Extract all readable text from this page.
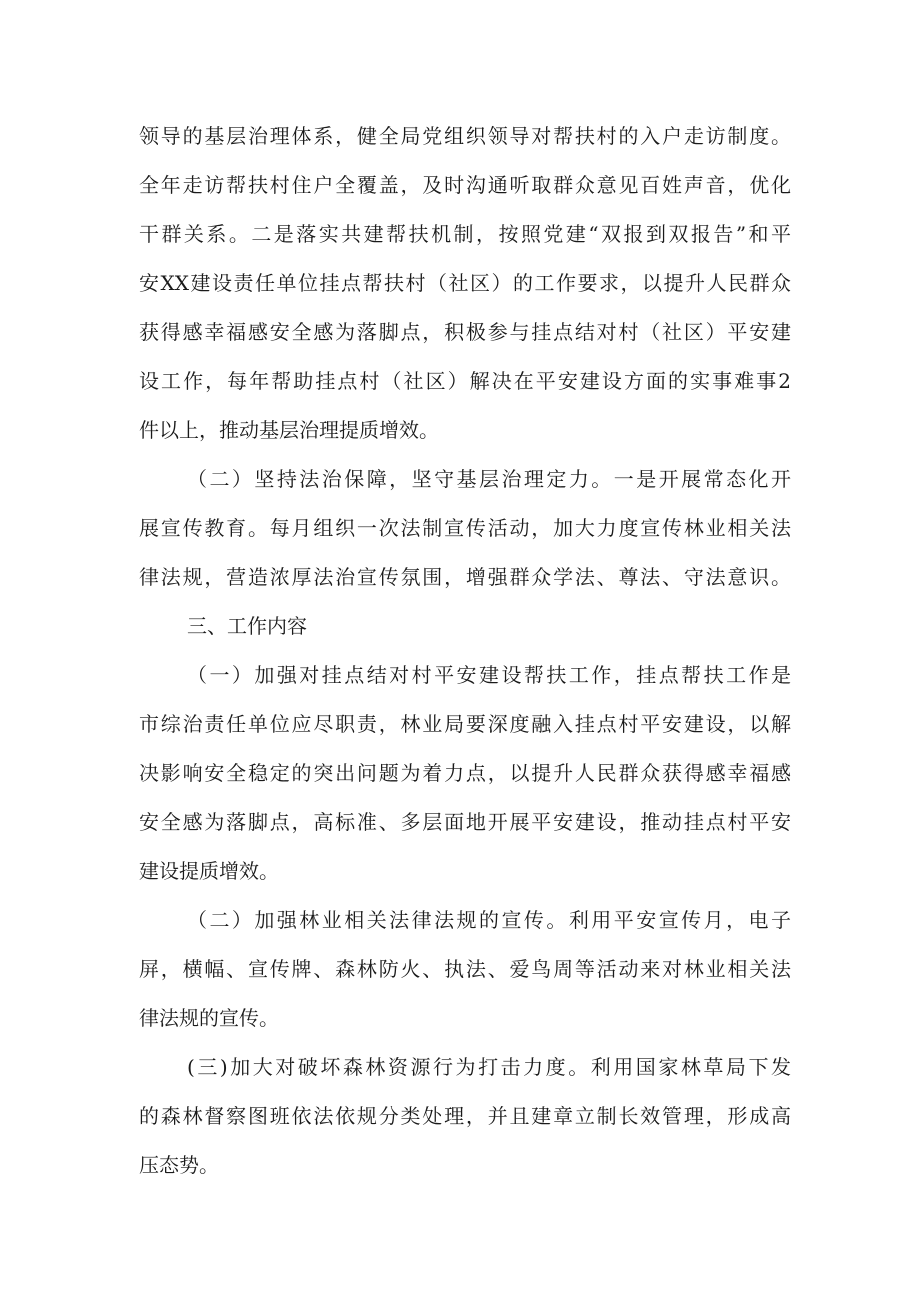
领导的基层治理体系，健全局党组织领导对帮扶村的入户走访制度。
全年走访帮扶村住户全覆盖，及时沟通听取群众意见百姓声音，优化
干群关系。二是落实共建帮扶机制，按照党建“双报到双报告”和平
安XX建设责任单位挂点帮扶村（社区）的工作要求，以提升人民群众
获得感幸福感安全感为落脚点，积极参与挂点结对村（社区）平安建
设工作，每年帮助挂点村（社区）解决在平安建设方面的实事难事2
件以上，推动基层治理提质增效。
（二）坚持法治保障，坚守基层治理定力。一是开展常态化开
展宣传教育。每月组织一次法制宣传活动，加大力度宣传林业相关法
律法规，营造浓厚法治宣传氛围，增强群众学法、尊法、守法意识。
三、工作内容
（一）加强对挂点结对村平安建设帮扶工作，挂点帮扶工作是
市综治责任单位应尽职责，林业局要深度融入挂点村平安建设，以解
决影响安全稳定的突出问题为着力点，以提升人民群众获得感幸福感
安全感为落脚点，高标准、多层面地开展平安建设，推动挂点村平安
建设提质增效。
（二）加强林业相关法律法规的宣传。利用平安宣传月，电子
屏，横幅、宣传牌、森林防火、执法、爱鸟周等活动来对林业相关法
律法规的宣传。
(三)加大对破坏森林资源行为打击力度。利用国家林草局下发
的森林督察图班依法依规分类处理，并且建章立制长效管理，形成高
压态势。
